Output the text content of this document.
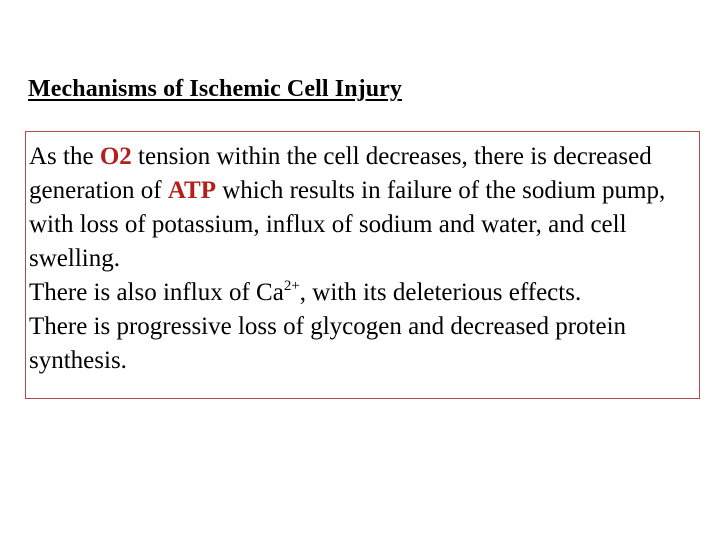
Mechanisms of Ischemic Cell Injury

As the O2 tension within the cell decreases, there is decreased generation of ATP which results in failure of the sodium pump, with loss of potassium, influx of sodium and water, and cell swelling.

There is also influx of $Ca^{2+}$, with its deleterious effects.

There is progressive loss of glycogen and decreased protein synthesis.
